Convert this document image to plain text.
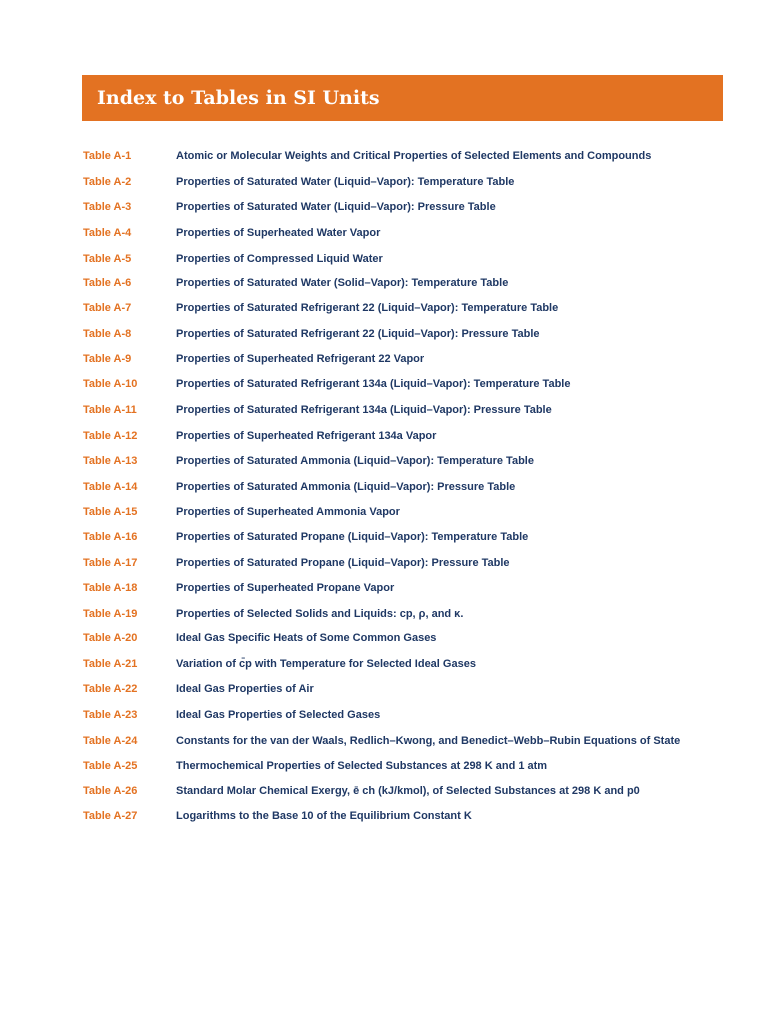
Index to Tables in SI Units
Table A-1	Atomic or Molecular Weights and Critical Properties of Selected Elements and Compounds
Table A-2	Properties of Saturated Water (Liquid–Vapor): Temperature Table
Table A-3	Properties of Saturated Water (Liquid–Vapor): Pressure Table
Table A-4	Properties of Superheated Water Vapor
Table A-5	Properties of Compressed Liquid Water
Table A-6	Properties of Saturated Water (Solid–Vapor): Temperature Table
Table A-7	Properties of Saturated Refrigerant 22 (Liquid–Vapor): Temperature Table
Table A-8	Properties of Saturated Refrigerant 22 (Liquid–Vapor): Pressure Table
Table A-9	Properties of Superheated Refrigerant 22 Vapor
Table A-10	Properties of Saturated Refrigerant 134a (Liquid–Vapor): Temperature Table
Table A-11	Properties of Saturated Refrigerant 134a (Liquid–Vapor): Pressure Table
Table A-12	Properties of Superheated Refrigerant 134a Vapor
Table A-13	Properties of Saturated Ammonia (Liquid–Vapor): Temperature Table
Table A-14	Properties of Saturated Ammonia (Liquid–Vapor): Pressure Table
Table A-15	Properties of Superheated Ammonia Vapor
Table A-16	Properties of Saturated Propane (Liquid–Vapor): Temperature Table
Table A-17	Properties of Saturated Propane (Liquid–Vapor): Pressure Table
Table A-18	Properties of Superheated Propane Vapor
Table A-19	Properties of Selected Solids and Liquids: cp, ρ, and κ.
Table A-20	Ideal Gas Specific Heats of Some Common Gases
Table A-21	Variation of c̄p with Temperature for Selected Ideal Gases
Table A-22	Ideal Gas Properties of Air
Table A-23	Ideal Gas Properties of Selected Gases
Table A-24	Constants for the van der Waals, Redlich–Kwong, and Benedict–Webb–Rubin Equations of State
Table A-25	Thermochemical Properties of Selected Substances at 298 K and 1 atm
Table A-26	Standard Molar Chemical Exergy, ē ch (kJ/kmol), of Selected Substances at 298 K and p0
Table A-27	Logarithms to the Base 10 of the Equilibrium Constant K
